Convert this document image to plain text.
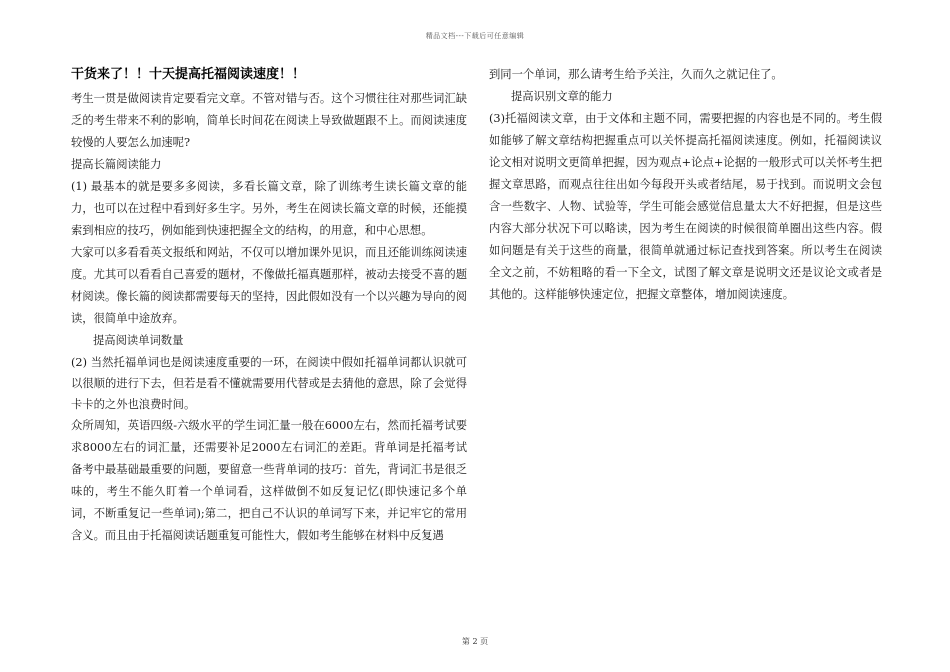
精品文档---下载后可任意编辑
干货来了！！十天提高托福阅读速度！！

考生一贯是做阅读肯定要看完文章。不管对错与否。这个习惯往往对那些词汇缺乏的考生带来不利的影响，简单长时间花在阅读上导致做题跟不上。而阅读速度较慢的人要怎么加速呢?

提高长篇阅读能力

(1) 最基本的就是要多多阅读，多看长篇文章，除了训练考生读长篇文章的能力，也可以在过程中看到好多生字。另外，考生在阅读长篇文章的时候，还能摸索到相应的技巧，例如能到快速把握全文的结构，的用意，和中心思想。

大家可以多看看英文报纸和网站，不仅可以增加课外见识，而且还能训练阅读速度。尤其可以看看自己喜爱的题材，不像做托福真题那样，被动去接受不喜的题材阅读。像长篇的阅读都需要每天的坚持，因此假如没有一个以兴趣为导向的阅读，很简单中途放弃。

提高阅读单词数量

(2) 当然托福单词也是阅读速度重要的一环，在阅读中假如托福单词都认识就可以很顺的进行下去，但若是看不懂就需要用代替或是去猜他的意思，除了会觉得卡卡的之外也浪费时间。

众所周知，英语四级-六级水平的学生词汇量一般在6000左右，然而托福考试要求8000左右的词汇量，还需要补足2000左右词汇的差距。背单词是托福考试备考中最基础最重要的问题，要留意一些背单词的技巧：首先，背词汇书是很乏味的，考生不能久盯着一个单词看，这样做倒不如反复记忆(即快速记多个单词，不断重复记一些单词);第二，把自己不认识的单词写下来，并记牢它的常用含义。而且由于托福阅读话题重复可能性大，假如考生能够在材料中反复遇

到同一个单词，那么请考生给予关注，久而久之就记住了。

提高识别文章的能力

(3)托福阅读文章，由于文体和主题不同，需要把握的内容也是不同的。考生假如能够了解文章结构把握重点可以关怀提高托福阅读速度。例如，托福阅读议论文相对说明文更简单把握，因为观点+论点+论据的一般形式可以关怀考生把握文章思路，而观点往往出如今每段开头或者结尾，易于找到。而说明文会包含一些数字、人物、试验等，学生可能会感觉信息量太大不好把握，但是这些内容大部分状况下可以略读，因为考生在阅读的时候很简单圈出这些内容。假如问题是有关于这些的商量，很简单就通过标记查找到答案。所以考生在阅读全文之前，不妨粗略的看一下全文，试图了解文章是说明文还是议论文或者是其他的。这样能够快速定位，把握文章整体，增加阅读速度。

第 2 页
